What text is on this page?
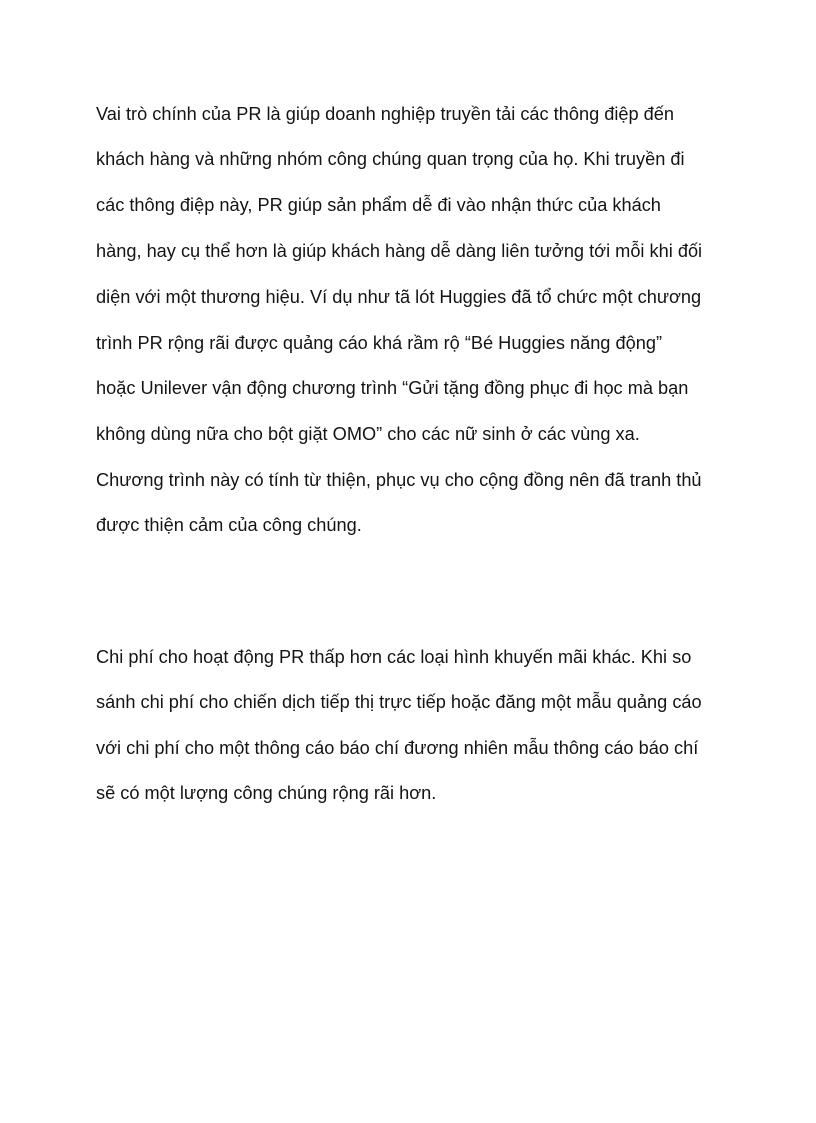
Vai trò chính của PR là giúp doanh nghiệp truyền tải các thông điệp đến
khách hàng và những nhóm công chúng quan trọng của họ. Khi truyền đi
các thông điệp này, PR giúp sản phẩm dễ đi vào nhận thức của khách
hàng, hay cụ thể hơn là giúp khách hàng dễ dàng liên tưởng tới mỗi khi đối
diện với một thương hiệu. Ví dụ như tã lót Huggies đã tổ chức một chương
trình PR rộng rãi được quảng cáo khá rầm rộ “Bé Huggies năng động”
hoặc Unilever vận động chương trình “Gửi tặng đồng phục đi học mà bạn
không dùng nữa cho bột giặt OMO” cho các nữ sinh ở các vùng xa.
Chương trình này có tính từ thiện, phục vụ cho cộng đồng nên đã tranh thủ
được thiện cảm của công chúng.
Chi phí cho hoạt động PR thấp hơn các loại hình khuyến mãi khác. Khi so
sánh chi phí cho chiến dịch tiếp thị trực tiếp hoặc đăng một mẫu quảng cáo
với chi phí cho một thông cáo báo chí đương nhiên mẫu thông cáo báo chí
sẽ có một lượng công chúng rộng rãi hơn.
